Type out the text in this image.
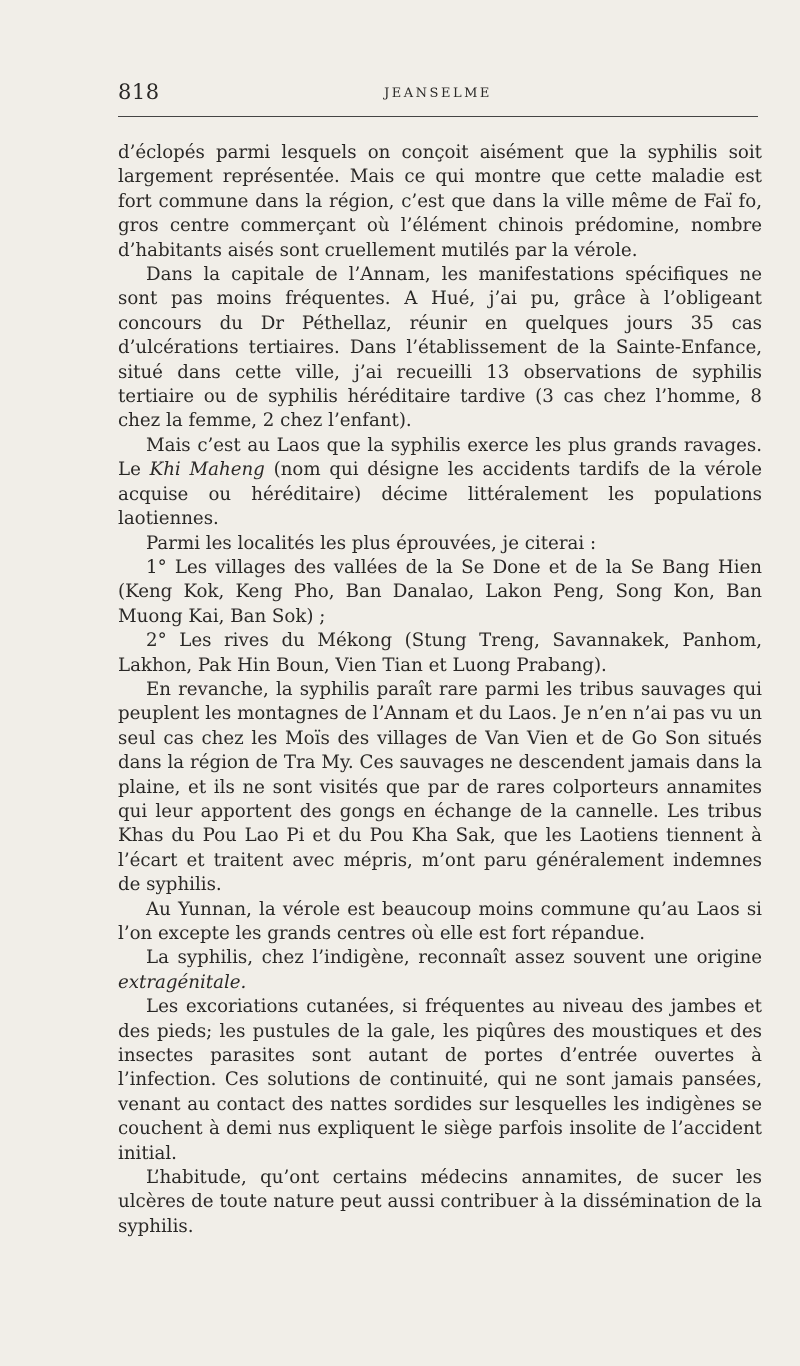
818	JEANSELME

d’éclopés parmi lesquels on conçoit aisément que la syphilis soit largement représentée. Mais ce qui montre que cette maladie est fort commune dans la région, c’est que dans la ville même de Faï fo, gros centre commerçant où l’élément chinois prédomine, nombre d’habitants aisés sont cruellement mutilés par la vérole.

Dans la capitale de l’Annam, les manifestations spécifiques ne sont pas moins fréquentes. A Hué, j’ai pu, grâce à l’obligeant concours du Dr Péthellaz, réunir en quelques jours 35 cas d’ulcérations tertiaires. Dans l’établissement de la Sainte-Enfance, situé dans cette ville, j’ai recueilli 13 observations de syphilis tertiaire ou de syphilis héréditaire tardive (3 cas chez l’homme, 8 chez la femme, 2 chez l’enfant).

Mais c’est au Laos que la syphilis exerce les plus grands ravages. Le Khi Maheng (nom qui désigne les accidents tardifs de la vérole acquise ou héréditaire) décime littéralement les populations laotiennes.

Parmi les localités les plus éprouvées, je citerai :

1° Les villages des vallées de la Se Done et de la Se Bang Hien (Keng Kok, Keng Pho, Ban Danalao, Lakon Peng, Song Kon, Ban Muong Kai, Ban Sok) ;

2° Les rives du Mékong (Stung Treng, Savannakek, Panhom, Lakhon, Pak Hin Boun, Vien Tian et Luong Prabang).

En revanche, la syphilis paraît rare parmi les tribus sauvages qui peuplent les montagnes de l’Annam et du Laos. Je n’en n’ai pas vu un seul cas chez les Moïs des villages de Van Vien et de Go Son situés dans la région de Tra My. Ces sauvages ne descendent jamais dans la plaine, et ils ne sont visités que par de rares colporteurs annamites qui leur apportent des gongs en échange de la cannelle. Les tribus Khas du Pou Lao Pi et du Pou Kha Sak, que les Laotiens tiennent à l’écart et traitent avec mépris, m’ont paru généralement indemnes de syphilis.

Au Yunnan, la vérole est beaucoup moins commune qu’au Laos si l’on excepte les grands centres où elle est fort répandue.

La syphilis, chez l’indigène, reconnaît assez souvent une origine extragénitale.

Les excoriations cutanées, si fréquentes au niveau des jambes et des pieds; les pustules de la gale, les piqûres des moustiques et des insectes parasites sont autant de portes d’entrée ouvertes à l’infection. Ces solutions de continuité, qui ne sont jamais pansées, venant au contact des nattes sordides sur lesquelles les indigènes se couchent à demi nus expliquent le siège parfois insolite de l’accident initial.

L’habitude, qu’ont certains médecins annamites, de sucer les ulcères de toute nature peut aussi contribuer à la dissémination de la syphilis.
